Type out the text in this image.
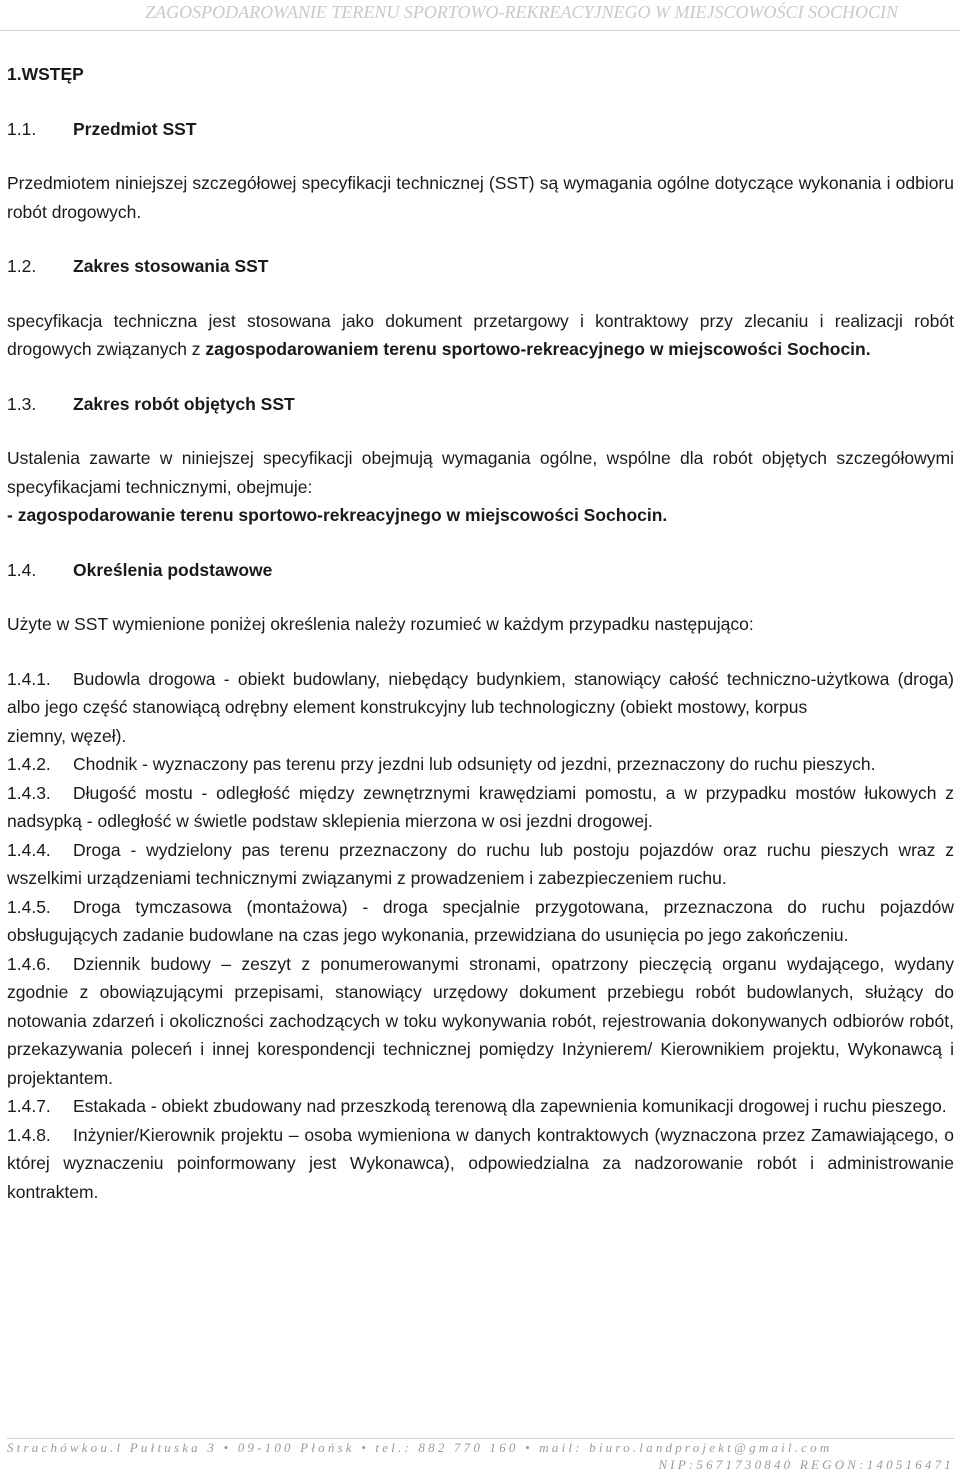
ZAGOSPODAROWANIE TERENU SPORTOWO-REKREACYJNEGO W MIEJSCOWOŚCI SOCHOCIN
1.WSTĘP
1.1.	Przedmiot SST

Przedmiotem niniejszej szczegółowej specyfikacji technicznej (SST) są wymagania ogólne dotyczące wykonania i odbioru robót drogowych.

1.2.	Zakres stosowania SST

specyfikacja techniczna jest stosowana jako dokument przetargowy i kontraktowy przy zlecaniu i realizacji robót drogowych związanych z zagospodarowaniem terenu sportowo-rekreacyjnego w miejscowości Sochocin.

1.3.	Zakres robót objętych SST

Ustalenia zawarte w niniejszej specyfikacji obejmują wymagania ogólne, wspólne dla robót objętych szczegółowymi specyfikacjami technicznymi, obejmuje:
- zagospodarowanie terenu sportowo-rekreacyjnego w miejscowości Sochocin.

1.4.	Określenia podstawowe

Użyte w SST wymienione poniżej określenia należy rozumieć w każdym przypadku następująco:

1.4.1. Budowla drogowa - obiekt budowlany, niebędący budynkiem, stanowiący całość techniczno-użytkowa (droga) albo jego część stanowiącą odrębny element konstrukcyjny lub technologiczny (obiekt mostowy, korpus
ziemny, węzeł).

1.4.2. Chodnik - wyznaczony pas terenu przy jezdni lub odsunięty od jezdni, przeznaczony do ruchu pieszych.

1.4.3. Długość mostu - odległość między zewnętrznymi krawędziami pomostu, a w przypadku mostów łukowych z nadsypką - odległość w świetle podstaw sklepienia mierzona w osi jezdni drogowej.

1.4.4. Droga - wydzielony pas terenu przeznaczony do ruchu lub postoju pojazdów oraz ruchu pieszych wraz z wszelkimi urządzeniami technicznymi związanymi z prowadzeniem i zabezpieczeniem ruchu.

1.4.5. Droga tymczasowa (montażowa) - droga specjalnie przygotowana, przeznaczona do ruchu pojazdów obsługujących zadanie budowlane na czas jego wykonania, przewidziana do usunięcia po jego zakończeniu.

1.4.6. Dziennik budowy – zeszyt z ponumerowanymi stronami, opatrzony pieczęcią organu wydającego, wydany zgodnie z obowiązującymi przepisami, stanowiący urzędowy dokument przebiegu robót budowlanych, służący do notowania zdarzeń i okoliczności zachodzących w toku wykonywania robót, rejestrowania dokonywanych odbiorów robót, przekazywania poleceń i innej korespondencji technicznej pomiędzy Inżynierem/ Kierownikiem projektu, Wykonawcą i projektantem.

1.4.7. Estakada - obiekt zbudowany nad przeszkodą terenową dla zapewnienia komunikacji drogowej i ruchu pieszego.

1.4.8. Inżynier/Kierownik projektu – osoba wymieniona w danych kontraktowych (wyznaczona przez Zamawiającego, o której wyznaczeniu poinformowany jest Wykonawca), odpowiedzialna za nadzorowanie robót i administrowanie kontraktem.

Strachówkou.l Pułtuska 3 • 09-100 Płońsk • tel.: 882 770 160 • mail: biuro.landprojekt@gmail.com
NIP:5671730840 REGON:140516471
